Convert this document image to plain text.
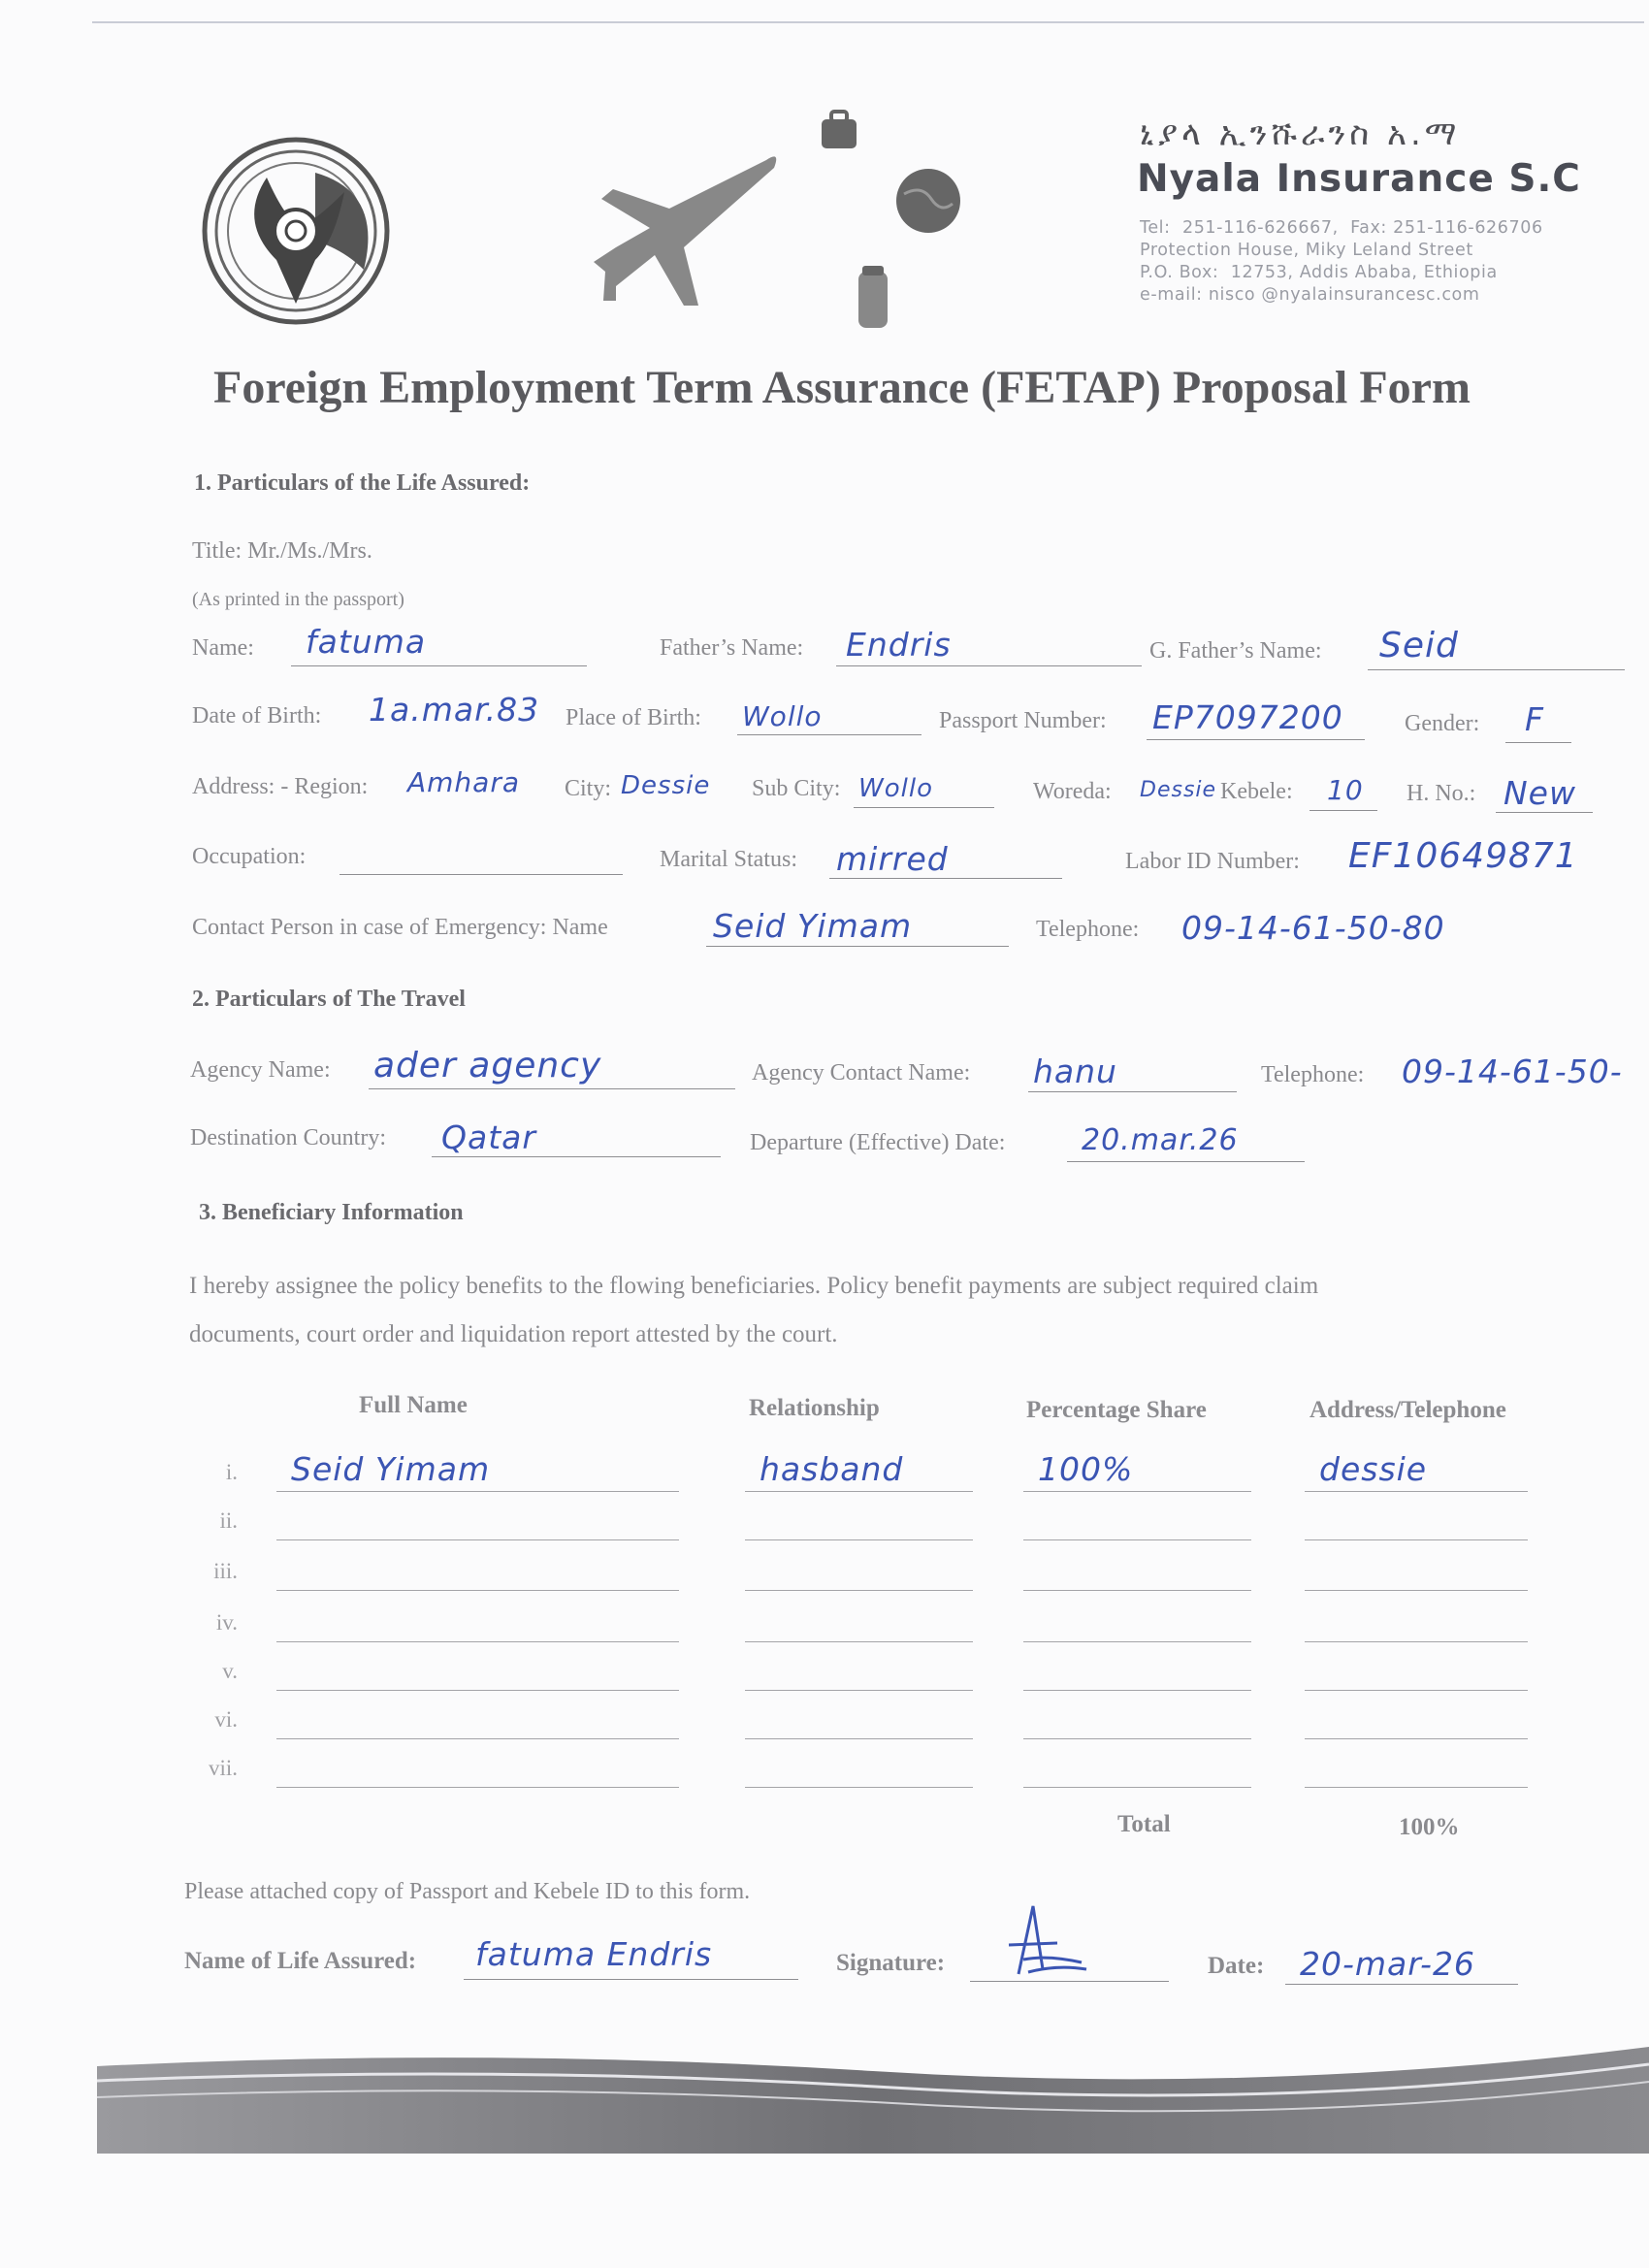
ኒያላ ኢንሹራንስ አ.ማ
Nyala Insurance S.C
Tel:  251-116-626667,  Fax: 251-116-626706
Protection House, Miky Leland Street
P.O. Box:  12753, Addis Ababa, Ethiopia
e-mail: nisco @nyalainsurancesc.com
Foreign Employment Term Assurance (FETAP) Proposal Form
1. Particulars of the Life Assured:
Title: Mr./Ms./Mrs.
(As printed in the passport)
Name: fatuma	Father’s Name: Endris	G. Father’s Name: Seid
Date of Birth: 1a.mar.83 Place of Birth: Wollo	Passport Number: EP7097200	Gender: F
Address: - Region: Amhara City: Dessie Sub City: Wollo	Woreda: Dessie Kebele: 10 H. No.: New
Occupation:	Marital Status: mirred	Labor ID Number: EF10649871
Contact Person in case of Emergency: Name	Seid Yimam	Telephone: 09-14-61-50-80
2. Particulars of The Travel
Agency Name: ader agency	Agency Contact Name: hanu	Telephone: 09-14-61-50-
Destination Country: Qatar	Departure (Effective) Date:	20.mar.26
3. Beneficiary Information
I hereby assignee the policy benefits to the flowing beneficiaries. Policy benefit payments are subject required claim
documents, court order and liquidation report attested by the court.
Full Name	Relationship	Percentage Share	Address/Telephone
i. Seid Yimam	hasband	100%	dessie
ii.
iii.
iv.
v.
vi.
vii.
Total	100%
Please attached copy of Passport and Kebele ID to this form.
Name of Life Assured: fatuma Endris	Signature:	Date: 20-mar-26
